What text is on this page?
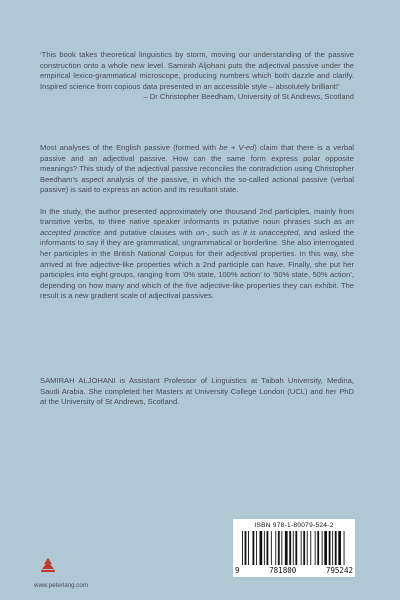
‘This book takes theoretical linguistics by storm, moving our understanding of the passive construction onto a whole new level. Samirah Aljohani puts the adjectival passive under the empirical lexico-grammatical microscope, producing numbers which both dazzle and clarify. Inspired science from copious data presented in an accessible style – absolutely brilliant!’

– Dr Christopher Beedham, University of St Andrews, Scotland

Most analyses of the English passive (formed with be + V-ed) claim that there is a verbal passive and an adjectival passive. How can the same form express polar opposite meanings? This study of the adjectival passive reconciles the contradiction using Christopher Beedham’s aspect analysis of the passive, in which the so-called actional passive (verbal passive) is said to express an action and its resultant state.

In the study, the author presented approximately one thousand 2nd participles, mainly from transitive verbs, to three native speaker informants in putative noun phrases such as an accepted practice and putative clauses with un-, such as it is unaccepted, and asked the informants to say if they are grammatical, ungrammatical or borderline. She also interrogated her participles in the British National Corpus for their adjectival properties. In this way, she arrived at five adjective-like properties which a 2nd participle can have. Finally, she put her participles into eight groups, ranging from ‘0% state, 100% action’ to ‘50% state, 50% action’, depending on how many and which of the five adjective-like properties they can exhibit. The result is a new gradient scale of adjectival passives.

SAMIRAH ALJOHANI is Assistant Professor of Linguistics at Taibah University, Medina, Saudi Arabia. She completed her Masters at University College London (UCL) and her PhD at the University of St Andrews, Scotland.

ISBN 978-1-80079-524-2
9	781800	795242
www.peterlang.com
